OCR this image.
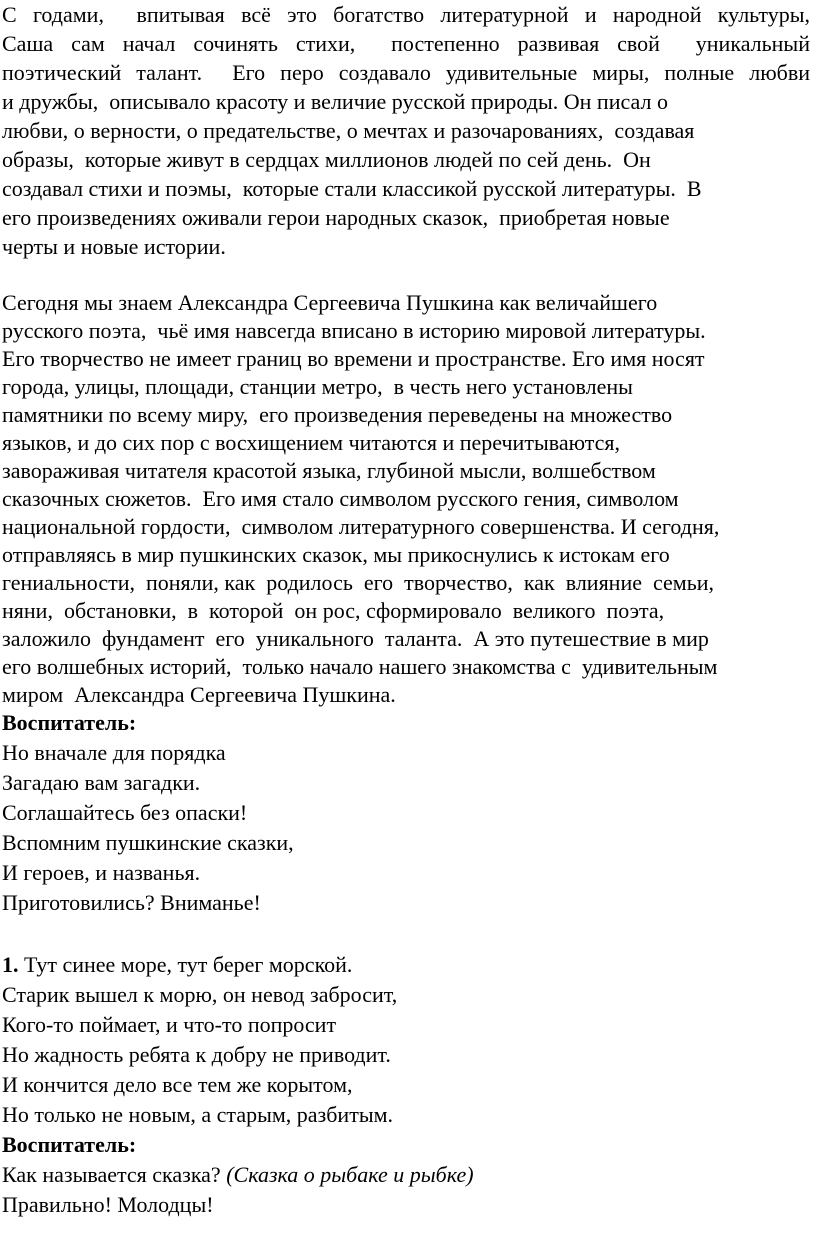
С годами,  впитывая всё это богатство литературной и народной культуры,
Саша сам начал сочинять стихи,  постепенно развивая свой  уникальный
поэтический талант.  Его перо создавало удивительные миры, полные любви
и дружбы,  описывало красоту и величие русской природы. Он писал о
любви, о верности, о предательстве, о мечтах и разочарованиях,  создавая
образы,  которые живут в сердцах миллионов людей по сей день.  Он
создавал стихи и поэмы,  которые стали классикой русской литературы.  В
его произведениях оживали герои народных сказок,  приобретая новые
черты и новые истории.
Сегодня мы знаем Александра Сергеевича Пушкина как величайшего
русского поэта,  чьё имя навсегда вписано в историю мировой литературы.
Его творчество не имеет границ во времени и пространстве. Его имя носят
города, улицы, площади, станции метро,  в честь него установлены
памятники по всему миру,  его произведения переведены на множество
языков, и до сих пор с восхищением читаются и перечитываются,
завораживая читателя красотой языка, глубиной мысли, волшебством
сказочных сюжетов.  Его имя стало символом русского гения, символом
национальной гордости,  символом литературного совершенства. И сегодня,
отправляясь в мир пушкинских сказок, мы прикоснулись к истокам его
гениальности,  поняли, как  родилось  его  творчество,  как  влияние  семьи,
няни,  обстановки,  в  которой  он рос, сформировало  великого  поэта,
заложило  фундамент  его  уникального  таланта.  А это путешествие в мир
его волшебных историй,  только начало нашего знакомства с  удивительным
миром  Александра Сергеевича Пушкина.
Воспитатель:
Но вначале для порядка
Загадаю вам загадки.
Соглашайтесь без опаски!
Вспомним пушкинские сказки,
И героев, и названья.
Приготовились? Вниманье!
1. Тут синее море, тут берег морской.
Старик вышел к морю, он невод забросит,
Кого-то поймает, и что-то попросит
Но жадность ребята к добру не приводит.
И кончится дело все тем же корытом,
Но только не новым, а старым, разбитым.
Воспитатель:
Как называется сказка? (Сказка о рыбаке и рыбке)
Правильно! Молодцы!
